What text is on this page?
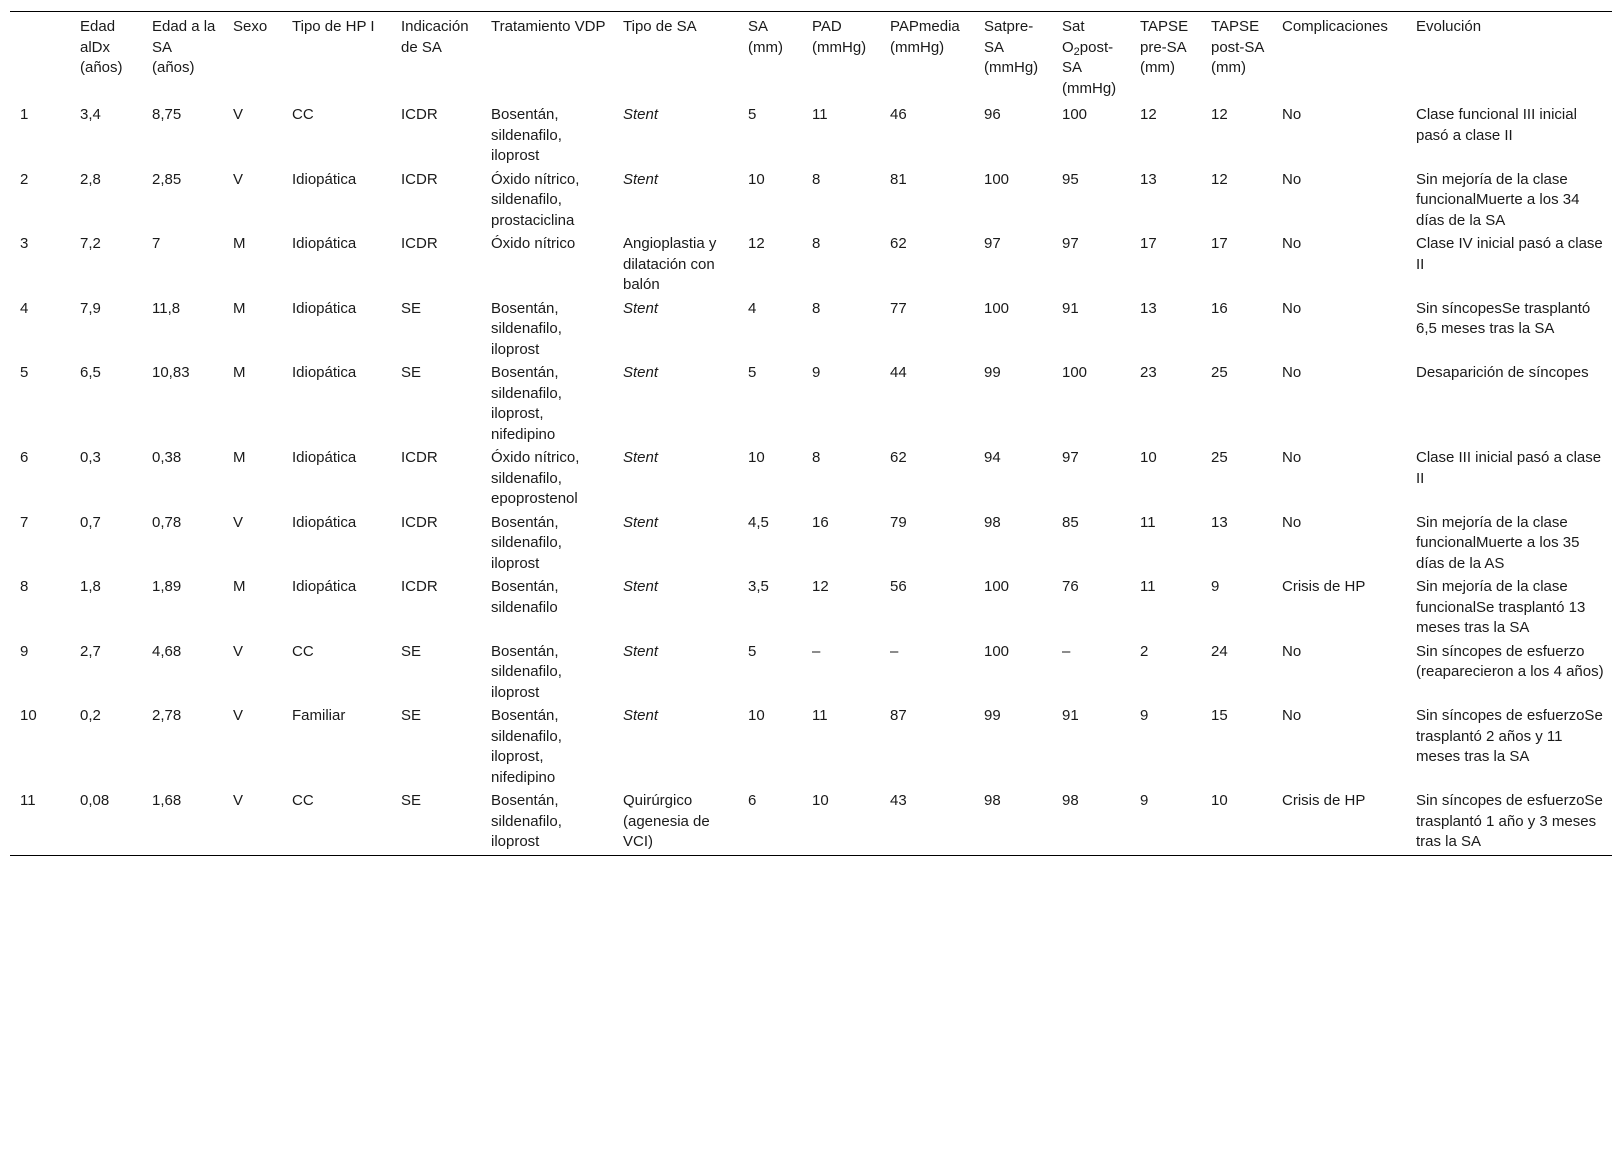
	Edad alDx (años)	Edad a la SA (años)	Sexo	Tipo de HP I	Indicación de SA	Tratamiento VDP	Tipo de SA	SA (mm)	PAD (mmHg)	PAPmedia (mmHg)	Satpre-SA (mmHg)	Sat $O_2post-SA$ (mmHg)	TAPSE pre-SA (mm)	TAPSE post-SA (mm)	Complicaciones	Evolución
1	3,4	8,75	V	CC	ICDR	Bosentán, sildenafilo, iloprost	Stent	5	11	46	96	100	12	12	No	Clase funcional III inicial pasó a clase II
2	2,8	2,85	V	Idiopática	ICDR	Óxido nítrico, sildenafilo, prostaciclina	Stent	10	8	81	100	95	13	12	No	Sin mejoría de la clase funcionalMuerte a los 34 días de la SA
3	7,2	7	M	Idiopática	ICDR	Óxido nítrico	Angioplastia y dilatación con balón	12	8	62	97	97	17	17	No	Clase IV inicial pasó a clase II
4	7,9	11,8	M	Idiopática	SE	Bosentán, sildenafilo, iloprost	Stent	4	8	77	100	91	13	16	No	Sin síncopesSe trasplantó 6,5 meses tras la SA
5	6,5	10,83	M	Idiopática	SE	Bosentán, sildenafilo, iloprost, nifedipino	Stent	5	9	44	99	100	23	25	No	Desaparición de síncopes
6	0,3	0,38	M	Idiopática	ICDR	Óxido nítrico, sildenafilo, epoprostenol	Stent	10	8	62	94	97	10	25	No	Clase III inicial pasó a clase II
7	0,7	0,78	V	Idiopática	ICDR	Bosentán, sildenafilo, iloprost	Stent	4,5	16	79	98	85	11	13	No	Sin mejoría de la clase funcionalMuerte a los 35 días de la AS
8	1,8	1,89	M	Idiopática	ICDR	Bosentán, sildenafilo	Stent	3,5	12	56	100	76	11	9	Crisis de HP	Sin mejoría de la clase funcionalSe trasplantó 13 meses tras la SA
9	2,7	4,68	V	CC	SE	Bosentán, sildenafilo, iloprost	Stent	5	–	–	100	–	2	24	No	Sin síncopes de esfuerzo (reaparecieron a los 4 años)
10	0,2	2,78	V	Familiar	SE	Bosentán, sildenafilo, iloprost, nifedipino	Stent	10	11	87	99	91	9	15	No	Sin síncopes de esfuerzoSe trasplantó 2 años y 11 meses tras la SA
11	0,08	1,68	V	CC	SE	Bosentán, sildenafilo, iloprost	Quirúrgico (agenesia de VCI)	6	10	43	98	98	9	10	Crisis de HP	Sin síncopes de esfuerzoSe trasplantó 1 año y 3 meses tras la SA
